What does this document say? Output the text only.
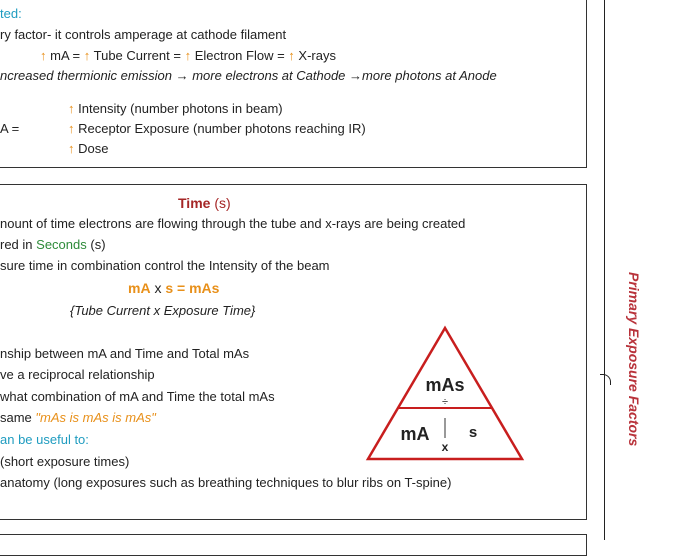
ted:
ry factor- it controls amperage at cathode filament
↑ mA = ↑ Tube Current = ↑ Electron Flow = ↑ X-rays
ncreased thermionic emission → more electrons at Cathode →more photons at Anode
A =
↑ Intensity (number photons in beam)
↑ Receptor Exposure (number photons reaching IR)
↑ Dose
Time (s)
nount of time electrons are flowing through the tube and x-rays are being created
red in Seconds (s)
sure time in combination control the Intensity of the beam
mA x s = mAs
{Tube Current x Exposure Time}
nship between mA and Time and Total mAs
ve a reciprocal relationship
what combination of mA and Time the total mAs
same "mAs is mAs is mAs"
an be useful to:
(short exposure times)
anatomy (long exposures such as breathing techniques to blur ribs on T-spine)
mAs
÷
mA	s
x
Primary Exposure Factors
